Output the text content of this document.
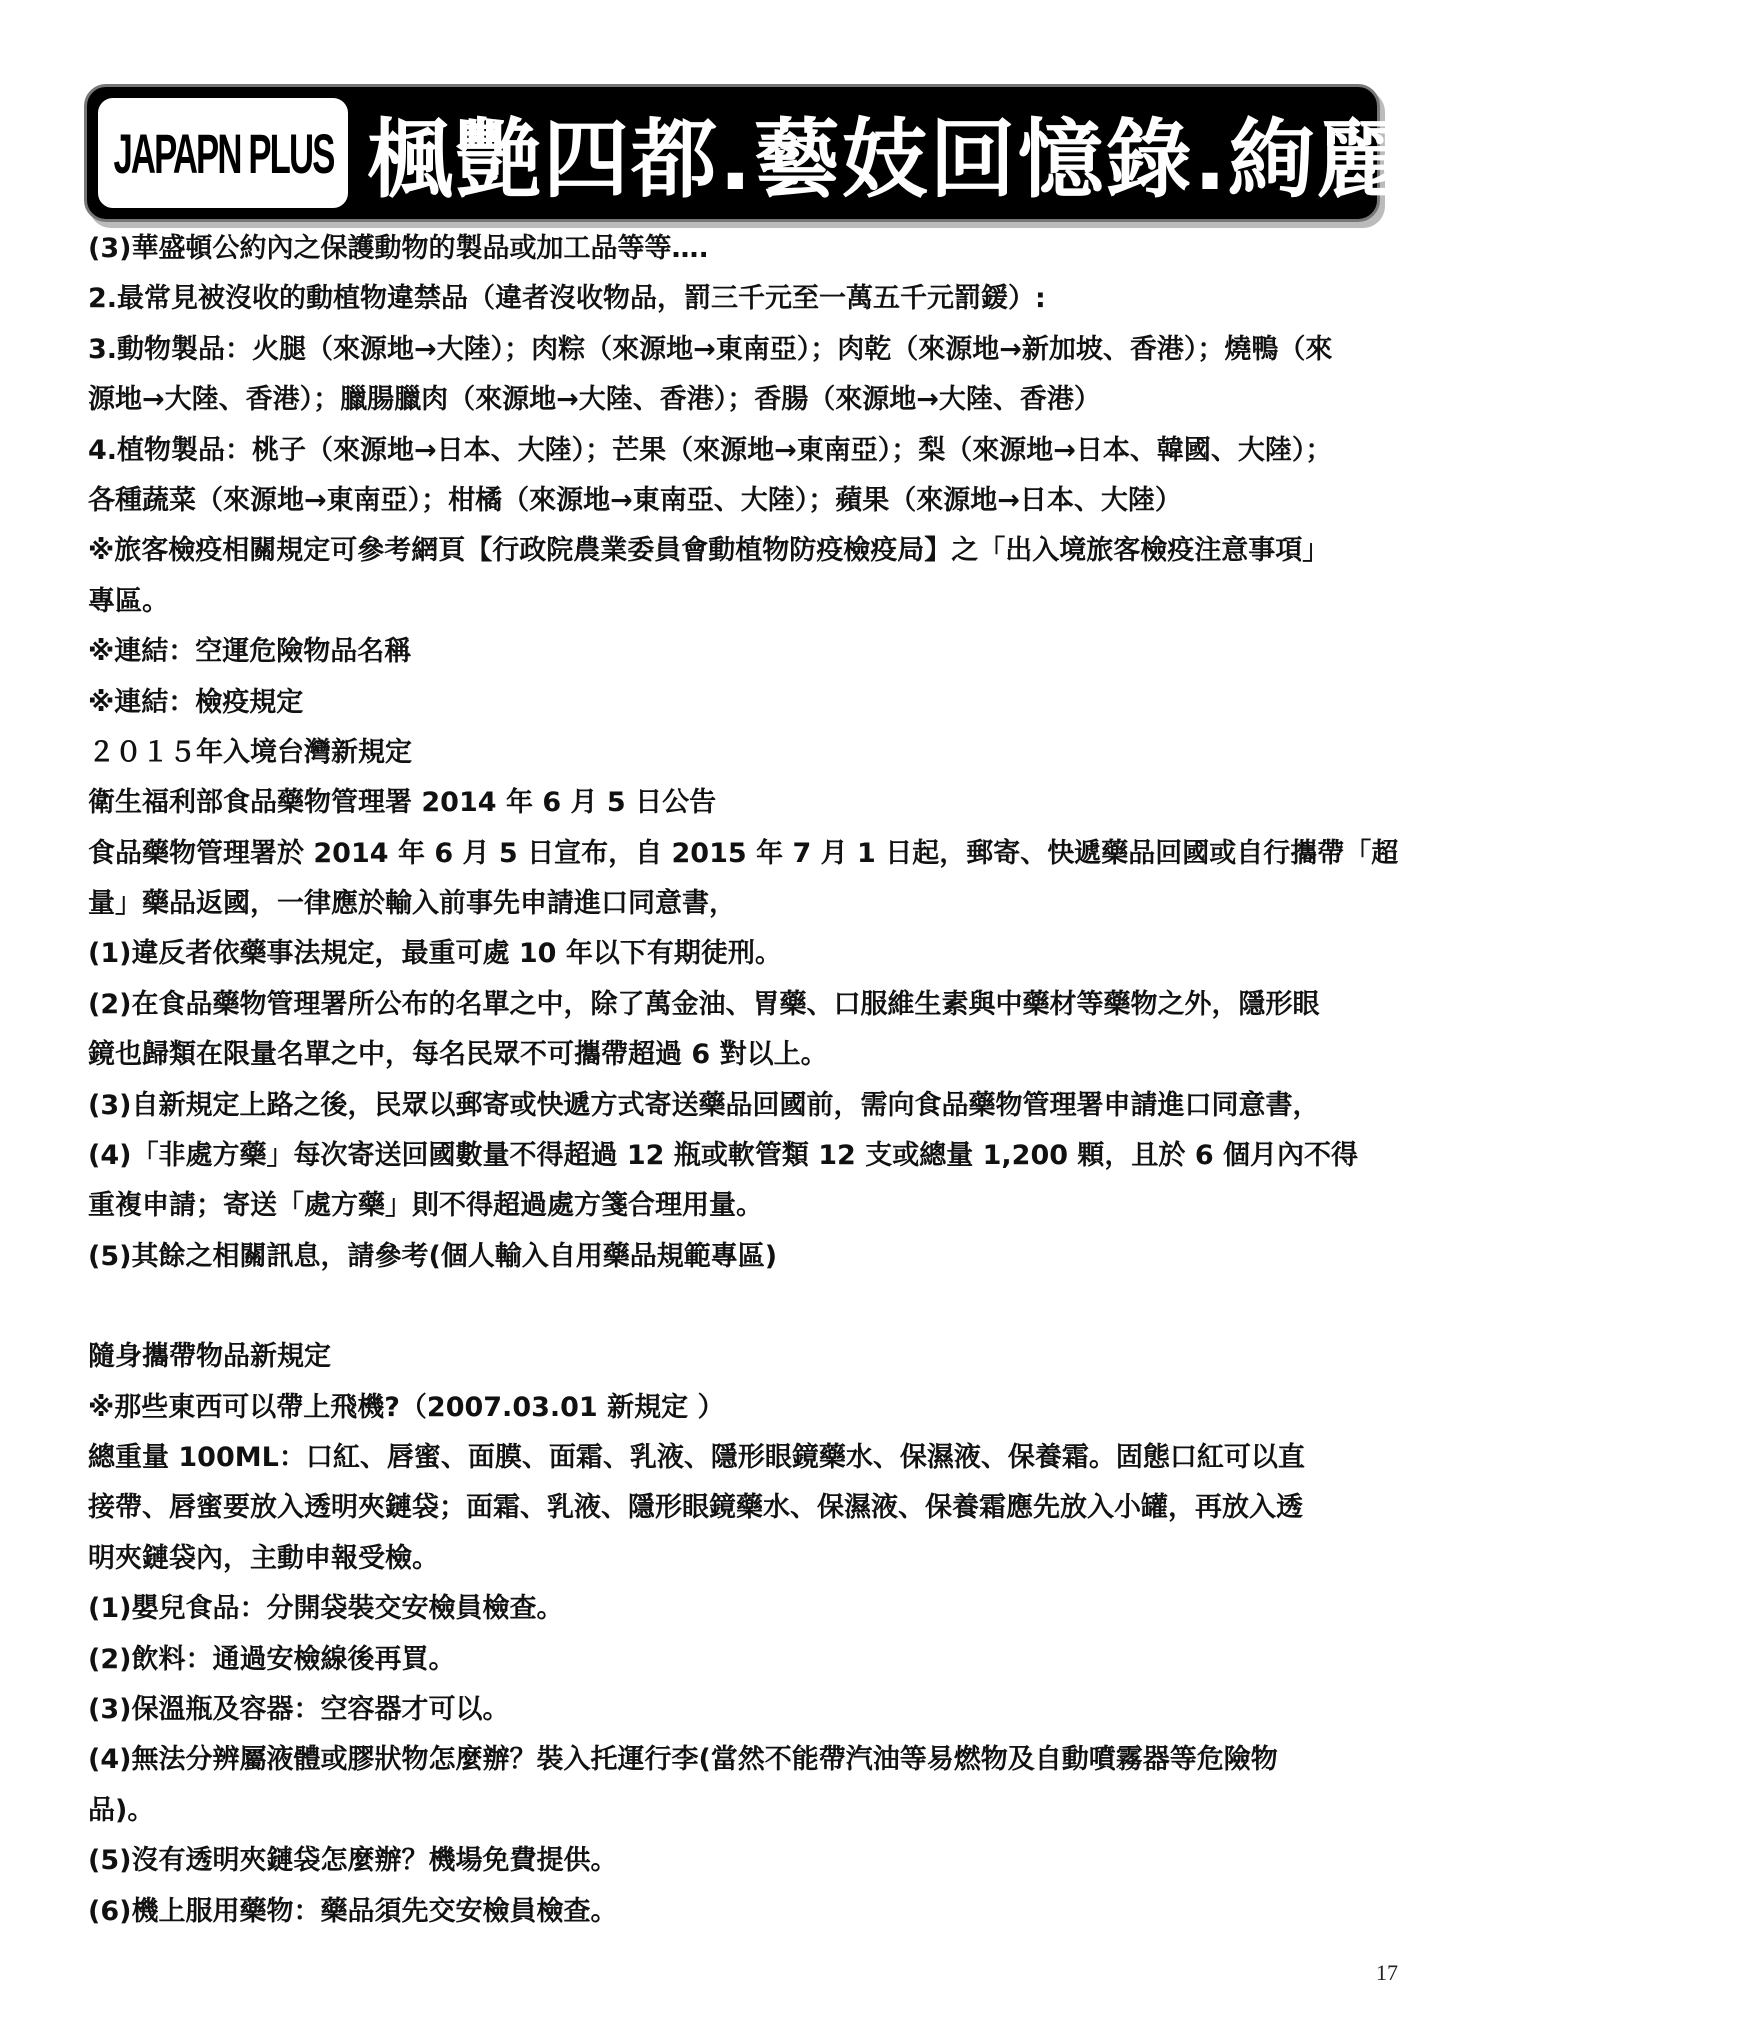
JAPAPN PLUS 楓艷四都.藝妓回憶錄.絢麗夜景五日
(3)華盛頓公約內之保護動物的製品或加工品等等….
2.最常見被沒收的動植物違禁品（違者沒收物品，罰三千元至一萬五千元罰鍰）:
3.動物製品：火腿（來源地→大陸）；肉粽（來源地→東南亞）；肉乾（來源地→新加坡、香港）；燒鴨（來
源地→大陸、香港）；臘腸臘肉（來源地→大陸、香港）；香腸（來源地→大陸、香港）
4.植物製品：桃子（來源地→日本、大陸）；芒果（來源地→東南亞）；梨（來源地→日本、韓國、大陸）；
各種蔬菜（來源地→東南亞）；柑橘（來源地→東南亞、大陸）；蘋果（來源地→日本、大陸）
※旅客檢疫相關規定可參考網頁【行政院農業委員會動植物防疫檢疫局】之「出入境旅客檢疫注意事項」
專區。
※連結：空運危險物品名稱
※連結：檢疫規定
２０１５年入境台灣新規定
衛生福利部食品藥物管理署 2014 年 6 月 5 日公告
食品藥物管理署於 2014 年 6 月 5 日宣布，自 2015 年 7 月 1 日起，郵寄、快遞藥品回國或自行攜帶「超
量」藥品返國，一律應於輸入前事先申請進口同意書，
(1)違反者依藥事法規定，最重可處 10 年以下有期徒刑。
(2)在食品藥物管理署所公布的名單之中，除了萬金油、胃藥、口服維生素與中藥材等藥物之外，隱形眼
鏡也歸類在限量名單之中，每名民眾不可攜帶超過 6 對以上。
(3)自新規定上路之後，民眾以郵寄或快遞方式寄送藥品回國前，需向食品藥物管理署申請進口同意書，
(4)「非處方藥」每次寄送回國數量不得超過 12 瓶或軟管類 12 支或總量 1,200 顆，且於 6 個月內不得
重複申請；寄送「處方藥」則不得超過處方箋合理用量。
(5)其餘之相關訊息，請參考(個人輸入自用藥品規範專區)
隨身攜帶物品新規定
※那些東西可以帶上飛機?（2007.03.01 新規定 ）
總重量 100ML：口紅、唇蜜、面膜、面霜、乳液、隱形眼鏡藥水、保濕液、保養霜。固態口紅可以直
接帶、唇蜜要放入透明夾鏈袋；面霜、乳液、隱形眼鏡藥水、保濕液、保養霜應先放入小罐，再放入透
明夾鏈袋內，主動申報受檢。
(1)嬰兒食品：分開袋裝交安檢員檢查。
(2)飲料：通過安檢線後再買。
(3)保溫瓶及容器：空容器才可以。
(4)無法分辨屬液體或膠狀物怎麼辦？裝入托運行李(當然不能帶汽油等易燃物及自動噴霧器等危險物
品)。
(5)沒有透明夾鏈袋怎麼辦？機場免費提供。
(6)機上服用藥物：藥品須先交安檢員檢查。
17
